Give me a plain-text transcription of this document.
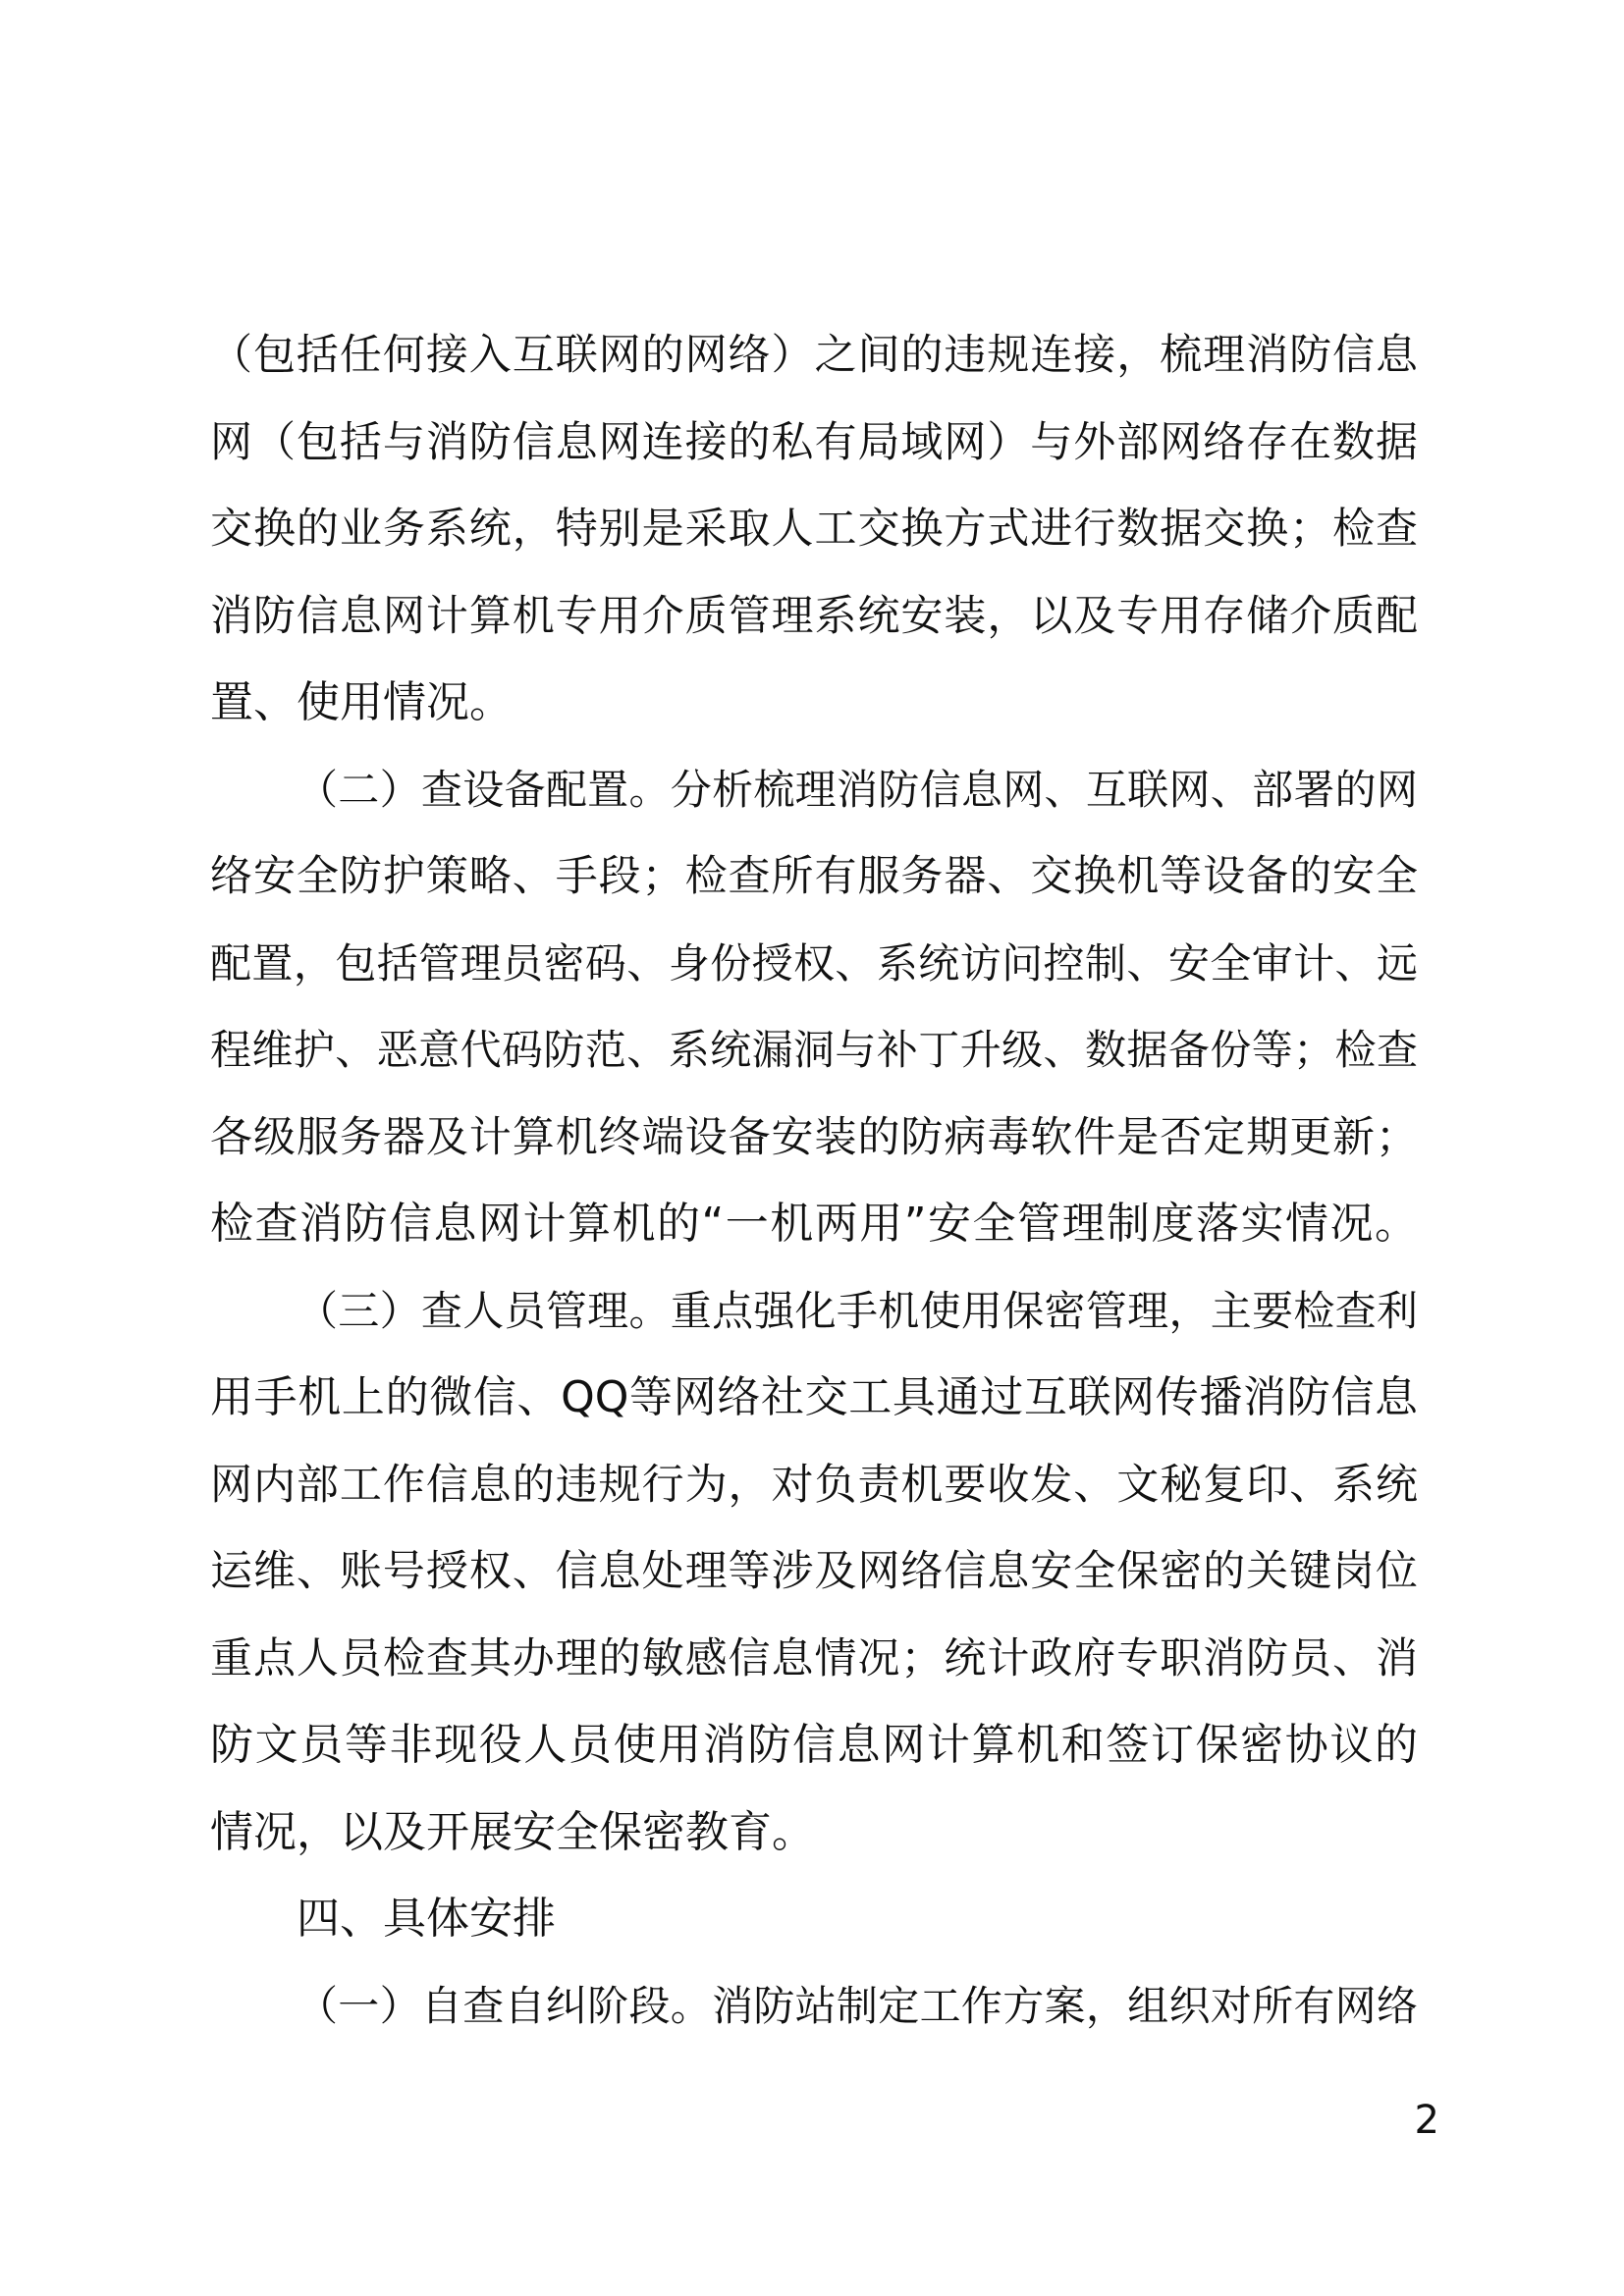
（包括任何接入互联网的网络）之间的违规连接，梳理消防信息
网（包括与消防信息网连接的私有局域网）与外部网络存在数据
交换的业务系统，特别是采取人工交换方式进行数据交换；检查
消防信息网计算机专用介质管理系统安装，以及专用存储介质配
置、使用情况。
（二）查设备配置。分析梳理消防信息网、互联网、部署的网
络安全防护策略、手段；检查所有服务器、交换机等设备的安全
配置，包括管理员密码、身份授权、系统访问控制、安全审计、远
程维护、恶意代码防范、系统漏洞与补丁升级、数据备份等；检查
各级服务器及计算机终端设备安装的防病毒软件是否定期更新；
检查消防信息网计算机的“一机两用”安全管理制度落实情况。
（三）查人员管理。重点强化手机使用保密管理，主要检查利
用手机上的微信、QQ等网络社交工具通过互联网传播消防信息
网内部工作信息的违规行为，对负责机要收发、文秘复印、系统
运维、账号授权、信息处理等涉及网络信息安全保密的关键岗位
重点人员检查其办理的敏感信息情况；统计政府专职消防员、消
防文员等非现役人员使用消防信息网计算机和签订保密协议的
情况，以及开展安全保密教育。
四、具体安排
（一）自查自纠阶段。消防站制定工作方案，组织对所有网络
2
